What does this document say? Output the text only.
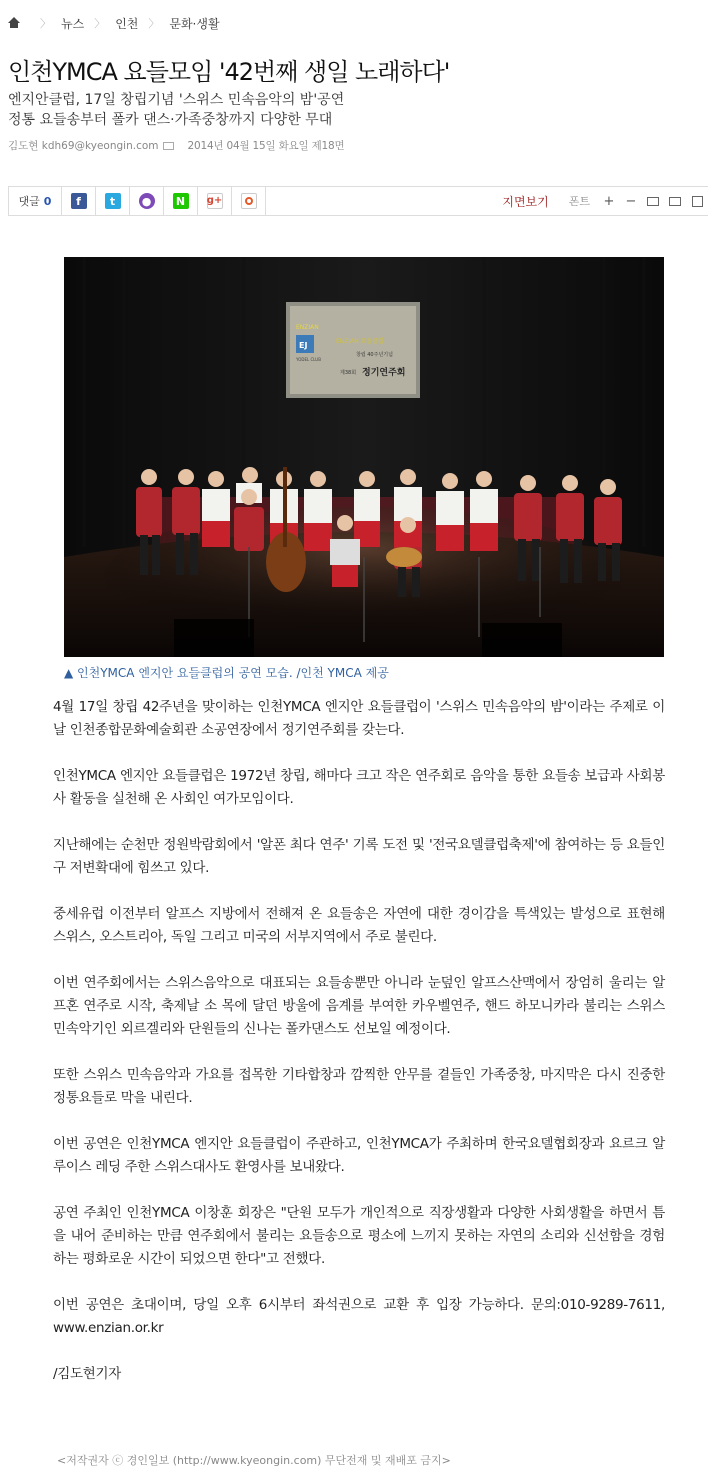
〉 뉴스 〉 인천 〉 문화·생활
인천YMCA 요들모임 '42번째 생일 노래하다'
엔지안클럽, 17일 창립기념 '스위스 민속음악의 밤'공연
정통 요들송부터 폴카 댄스·가족중창까지 다양한 무대
김도현
kdh69@kyeongin.com	2014년 04월 15일 화요일 제18면
댓글 0	f	t	●	N	g+	지면보기 폰트 + −
ENZIAN
EJ
YODEL CLUB
ENZIAN 요들클럽
창립 40주년기념
제38회 정기연주회
▲ 인천YMCA 엔지안 요들클럽의 공연 모습. /인천 YMCA 제공

4월 17일 창립 42주년을 맞이하는 인천YMCA 엔지안 요들클럽이 '스위스 민속음악의 밤'이라는 주제로 이날 인천종합문화예술회관 소공연장에서 정기연주회를 갖는다.

인천YMCA 엔지안 요들클럽은 1972년 창립, 해마다 크고 작은 연주회로 음악을 통한 요들송 보급과 사회봉사 활동을 실천해 온 사회인 여가모임이다.

지난해에는 순천만 정원박람회에서 '알폰 최다 연주' 기록 도전 및 '전국요델클럽축제'에 참여하는 등 요들인구 저변확대에 힘쓰고 있다.

중세유럽 이전부터 알프스 지방에서 전해져 온 요들송은 자연에 대한 경이감을 특색있는 발성으로 표현해 스위스, 오스트리아, 독일 그리고 미국의 서부지역에서 주로 불린다.

이번 연주회에서는 스위스음악으로 대표되는 요들송뿐만 아니라 눈덮인 알프스산맥에서 장엄히 울리는 알프혼 연주로 시작, 축제날 소 목에 달던 방울에 음계를 부여한 카우벨연주, 핸드 하모니카라 불리는 스위스 민속악기인 외르겔리와 단원들의 신나는 폴카댄스도 선보일 예정이다.

또한 스위스 민속음악과 가요를 접목한 기타합창과 깜찍한 안무를 곁들인 가족중창, 마지막은 다시 진중한 정통요들로 막을 내린다.

이번 공연은 인천YMCA 엔지안 요들클럽이 주관하고, 인천YMCA가 주최하며 한국요델협회장과 요르크 알루이스 레딩 주한 스위스대사도 환영사를 보내왔다.

공연 주최인 인천YMCA 이창훈 회장은 "단원 모두가 개인적으로 직장생활과 다양한 사회생활을 하면서 틈을 내어 준비하는 만큼 연주회에서 불리는 요들송으로 평소에 느끼지 못하는 자연의 소리와 신선함을 경험하는 평화로운 시간이 되었으면 한다"고 전했다.

이번 공연은 초대이며, 당일 오후 6시부터 좌석권으로 교환 후 입장 가능하다. 문의:010-9289-7611, www.enzian.or.kr

/김도현기자

<저작권자 ⓒ 경인일보 (http://www.kyeongin.com) 무단전재 및 재배포 금지>
